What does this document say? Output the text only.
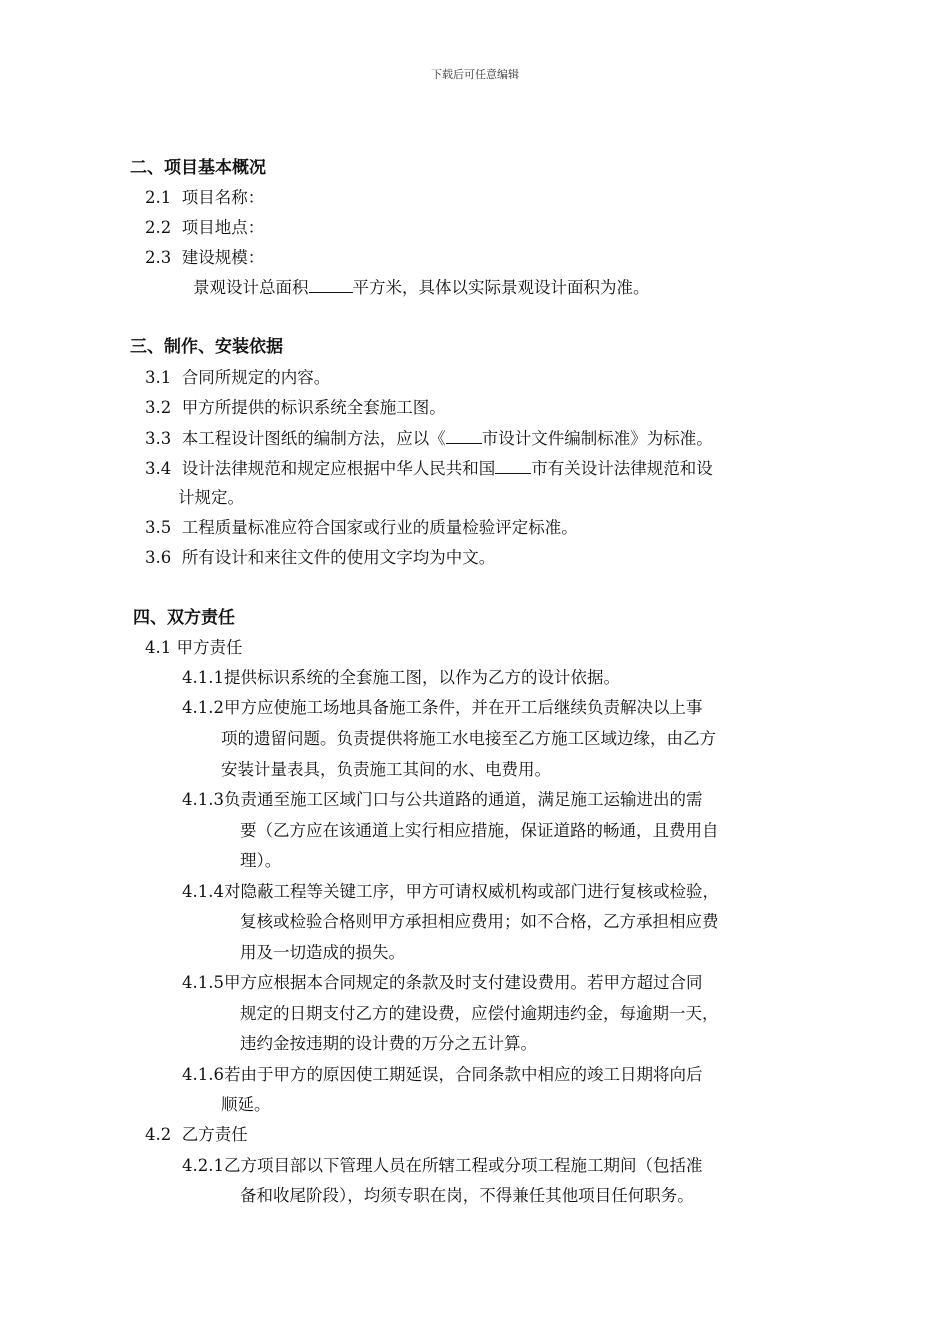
下载后可任意编辑
二、项目基本概况
2.1 项目名称：
2.2 项目地点：
2.3 建设规模：
景观设计总面积	平方米，具体以实际景观设计面积为准。
三、制作、安装依据
3.1 合同所规定的内容。
3.2 甲方所提供的标识系统全套施工图。
3.3 本工程设计图纸的编制方法，应以《 市设计文件编制标准》为标准。
3.4 设计法律规范和规定应根据中华人民共和国 市有关设计法律规范和设
计规定。
3.5 工程质量标准应符合国家或行业的质量检验评定标准。
3.6 所有设计和来往文件的使用文字均为中文。
四、双方责任
4.1 甲方责任
4.1.1提供标识系统的全套施工图，以作为乙方的设计依据。
4.1.2甲方应使施工场地具备施工条件，并在开工后继续负责解决以上事
项的遗留问题。负责提供将施工水电接至乙方施工区域边缘，由乙方
安装计量表具，负责施工其间的水、电费用。
4.1.3负责通至施工区域门口与公共道路的通道，满足施工运输进出的需
要（乙方应在该通道上实行相应措施，保证道路的畅通，且费用自
理）。
4.1.4对隐蔽工程等关键工序，甲方可请权威机构或部门进行复核或检验，
复核或检验合格则甲方承担相应费用；如不合格，乙方承担相应费
用及一切造成的损失。
4.1.5甲方应根据本合同规定的条款及时支付建设费用。若甲方超过合同
规定的日期支付乙方的建设费，应偿付逾期违约金，每逾期一天，
违约金按违期的设计费的万分之五计算。
4.1.6若由于甲方的原因使工期延误，合同条款中相应的竣工日期将向后
顺延。
4.2 乙方责任
4.2.1乙方项目部以下管理人员在所辖工程或分项工程施工期间（包括准
备和收尾阶段），均须专职在岗，不得兼任其他项目任何职务。
